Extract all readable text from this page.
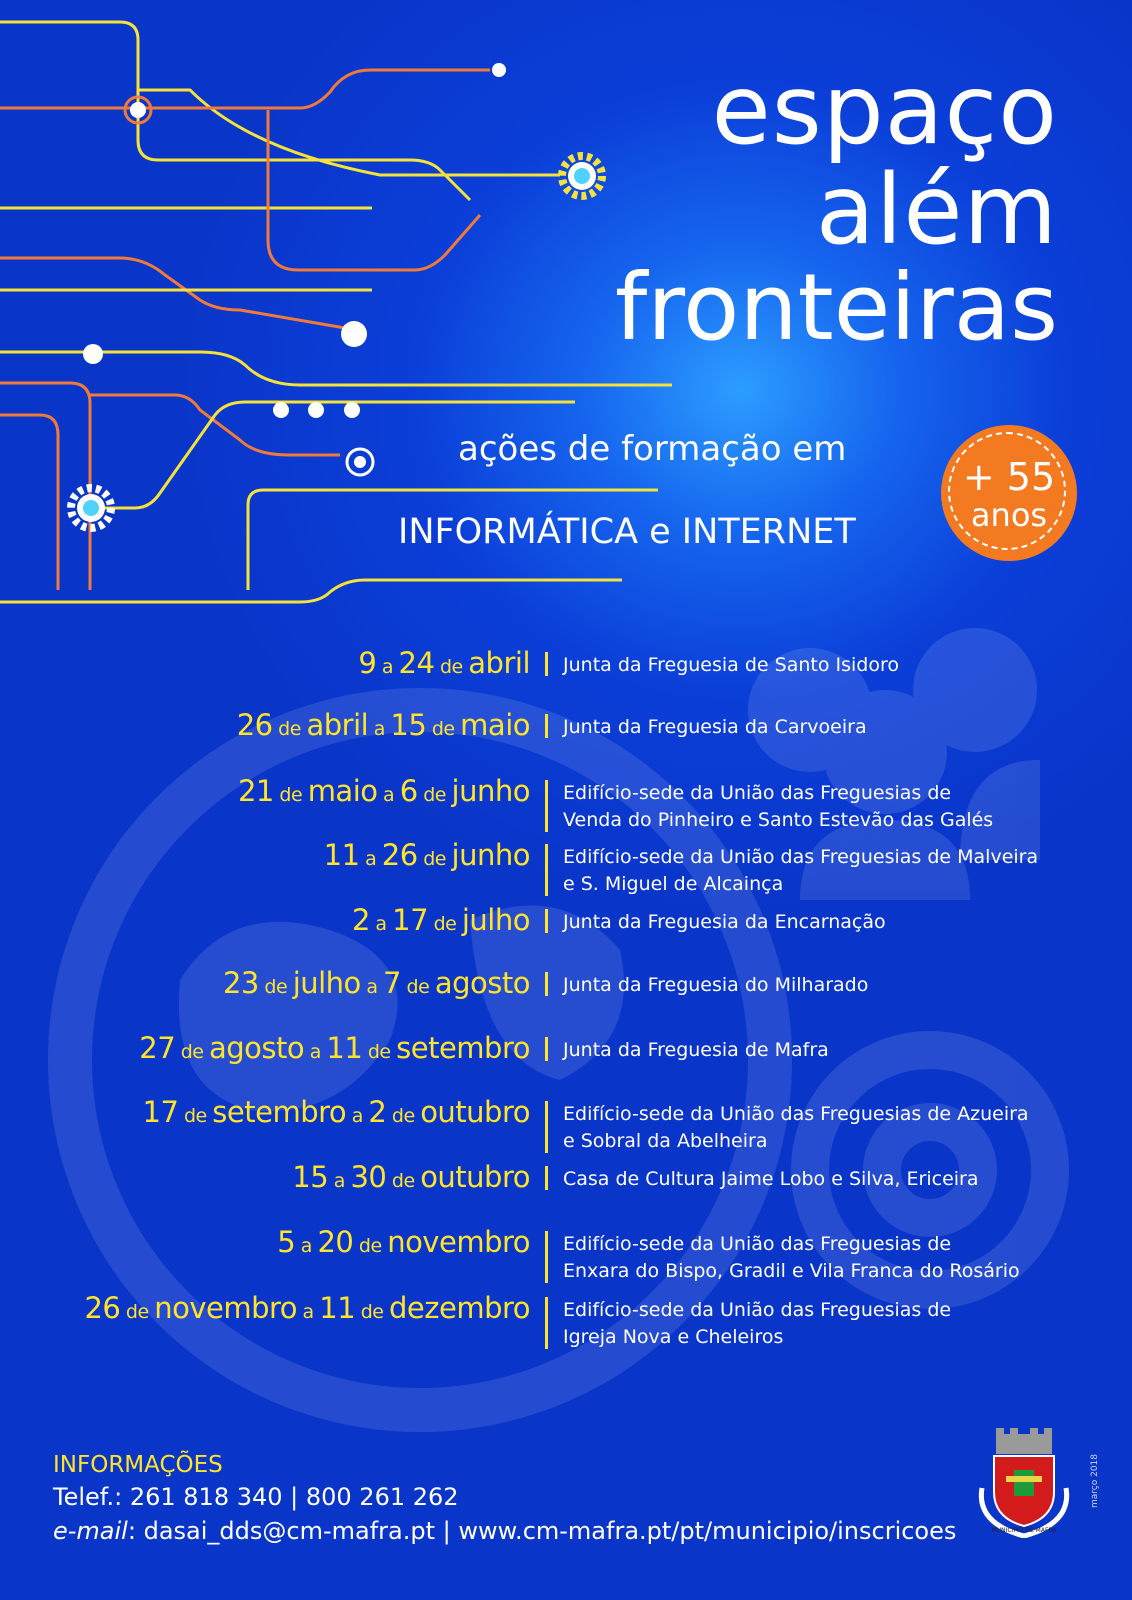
espaço
além
fronteiras
ações de formação em
INFORMÁTICA e INTERNET
+ 55
anos
9 a 24 de abril Junta da Freguesia de Santo Isidoro
26 de abril a 15 de maio Junta da Freguesia da Carvoeira
21 de maio a 6 de junho Edifício-sede da União das Freguesias de
Venda do Pinheiro e Santo Estevão das Galés
11 a 26 de junho Edifício-sede da União das Freguesias de Malveira
e S. Miguel de Alcainça
2 a 17 de julho Junta da Freguesia da Encarnação
23 de julho a 7 de agosto Junta da Freguesia do Milharado
27 de agosto a 11 de setembro Junta da Freguesia de Mafra
17 de setembro a 2 de outubro Edifício-sede da União das Freguesias de Azueira
e Sobral da Abelheira
15 a 30 de outubro Casa de Cultura Jaime Lobo e Silva, Ericeira
5 a 20 de novembro Edifício-sede da União das Freguesias de
Enxara do Bispo, Gradil e Vila Franca do Rosário
26 de novembro a 11 de dezembro Edifício-sede da União das Freguesias de
Igreja Nova e Cheleiros
INFORMAÇÕES
Telef.: 261 818 340 | 800 261 262
e-mail: dasai_dds@cm-mafra.pt | www.cm-mafra.pt/pt/municipio/inscricoes	MUNICIPIO DE MAFRA
março 2018
